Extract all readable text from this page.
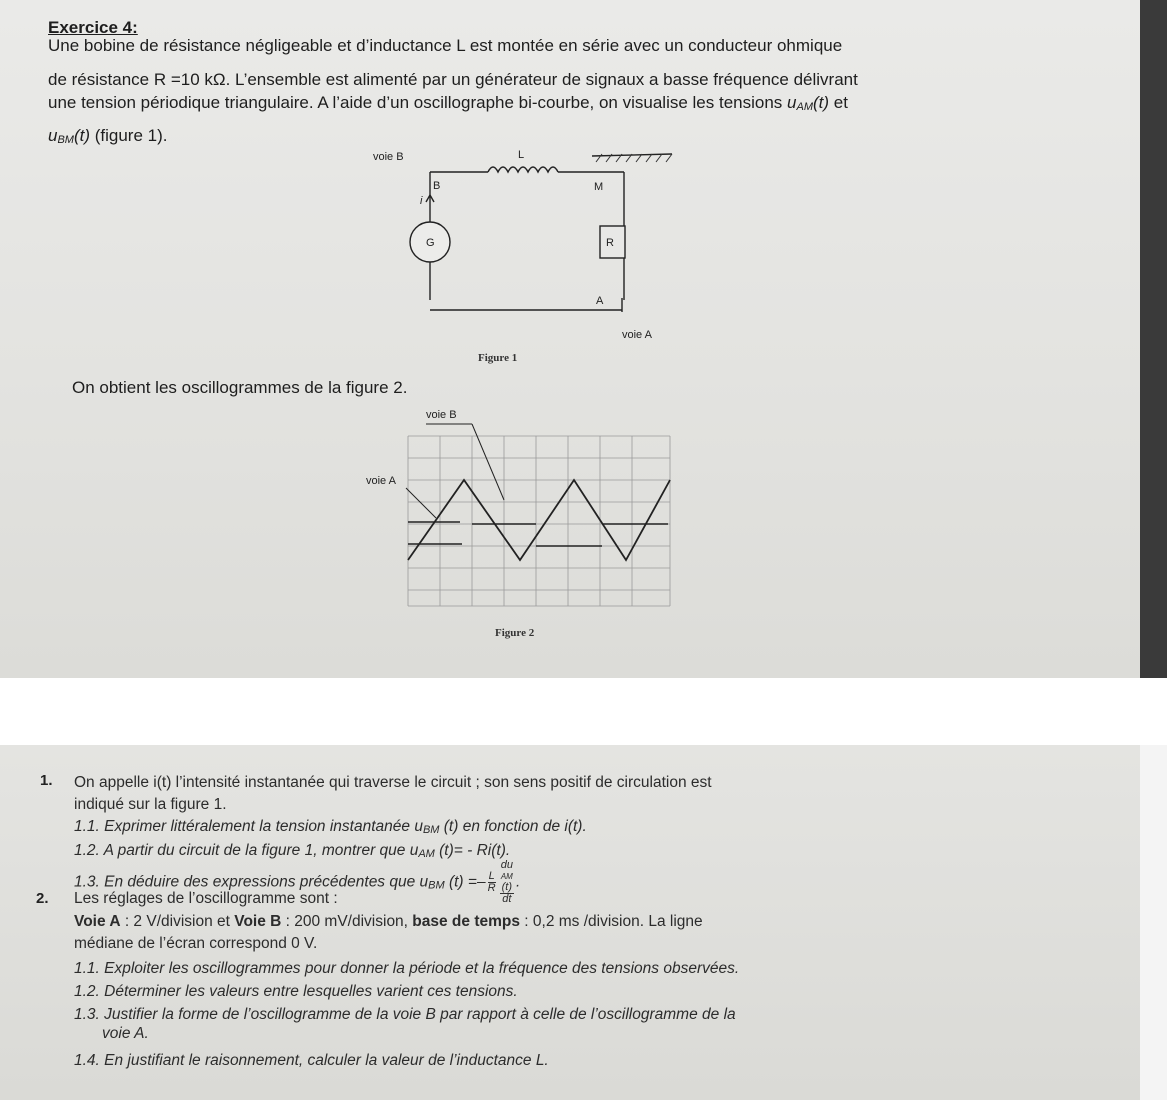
Exercice 4:
Une bobine de résistance négligeable et d’inductance L est montée en série avec un conducteur ohmique
de résistance R =10 kΩ. L’ensemble est alimenté par un générateur de signaux a basse fréquence délivrant
une tension périodique triangulaire. A l’aide d’un oscillographe bi-courbe, on visualise les tensions uAM(t) et
uBM(t) (figure 1).
voie B	L
B	M
i
G	R
A
voie A
Figure 1
On obtient les oscillogrammes de la figure 2.
voie B
voie A
Figure 2
1. On appelle i(t) l’intensité instantanée qui traverse le circuit ; son sens positif de circulation est
indiqué sur la figure 1.
1.1. Exprimer littéralement la tension instantanée uBM (t) en fonction de i(t).
1.2. A partir du circuit de la figure 1, montrer que uAM (t)= - Ri(t).
1.3. En déduire des expressions précédentes que uBM $(t) =- \frac{L}{R}$ du
AM
(t)
dt .
2. Les réglages de l’oscillogramme sont :
Voie A : 2 V/division et Voie B : 200 mV/division, base de temps : 0,2 ms /division. La ligne
médiane de l’écran correspond 0 V.
1.1. Exploiter les oscillogrammes pour donner la période et la fréquence des tensions observées.
1.2. Déterminer les valeurs entre lesquelles varient ces tensions.
1.3. Justifier la forme de l’oscillogramme de la voie B par rapport à celle de l’oscillogramme de la
voie A.
1.4. En justifiant le raisonnement, calculer la valeur de l’inductance L.
